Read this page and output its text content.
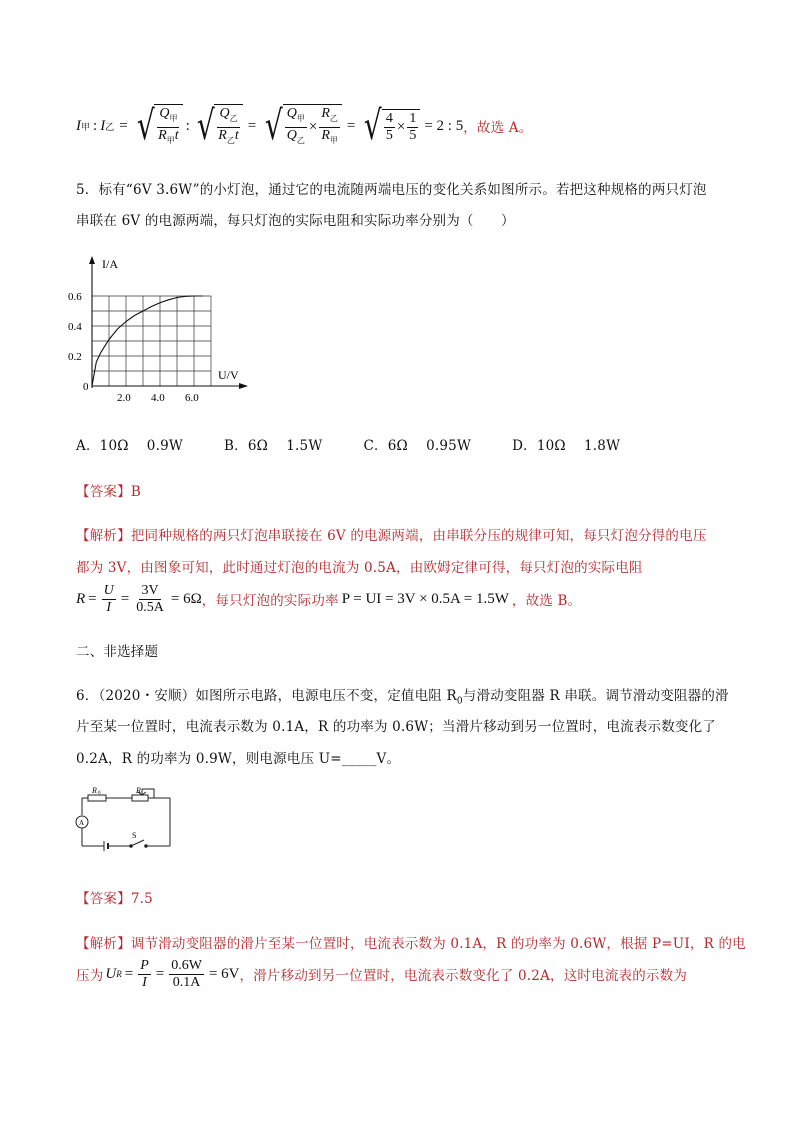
I 甲 : I 乙 = √ $\frac{Q_甲}{R_甲t}$ : √ $\frac{Q_乙}{R_乙t}$ = √ $\frac{Q_甲}{Q_乙} \times \frac{R_乙}{R_甲}$ = √ $\frac{4}{5} \times \frac{1}{5} = 2$ : 5 ，故选 A。
5．标有“6V 3.6W”的小灯泡，通过它的电流随两端电压的变化关系如图所示。若把这种规格的两只灯泡
串联在 6V 的电源两端，每只灯泡的实际电阻和实际功率分别为（　　）
2.0 4.0 6.0
0.2
0.4
0.6
I/A
U/V
0
A．10Ω　 0.9W　　　B．6Ω　 1.5W　　　C．6Ω　 0.95W　　　D．10Ω　 1.8W
【答案】B
【解析】把同种规格的两只灯泡串联接在 6V 的电源两端，由串联分压的规律可知，每只灯泡分得的电压
都为 3V，由图象可知，此时通过灯泡的电流为 0.5A，由欧姆定律可得，每只灯泡的实际电阻
$R = \frac{U}{I} = \frac{3V}{0.5A} = 6\Omega$ ，每只灯泡的实际功率 P = UI = 3V × 0.5A = 1.5W ，故选 B。
二、非选择题
6．（2020・安顺）如图所示电路，电源电压不变，定值电阻 $R_0$与滑动变阻器 R 串联。调节滑动变阻器的滑
片至某一位置时，电流表示数为 0.1A，R 的功率为 0.6W；当滑片移动到另一位置时，电流表示数变化了
0.2A，R 的功率为 0.9W，则电源电压 U=_____V。
R 0	R
A
S
【答案】7.5
【解析】调节滑动变阻器的滑片至某一位置时，电流表示数为 0.1A，R 的功率为 0.6W，根据 P=UI，R 的电
压为 U $R = \frac{P}{I} = \frac{0.6W}{0.1A} = 6V$ ，滑片移动到另一位置时，电流表示数变化了 0.2A，这时电流表的示数为
